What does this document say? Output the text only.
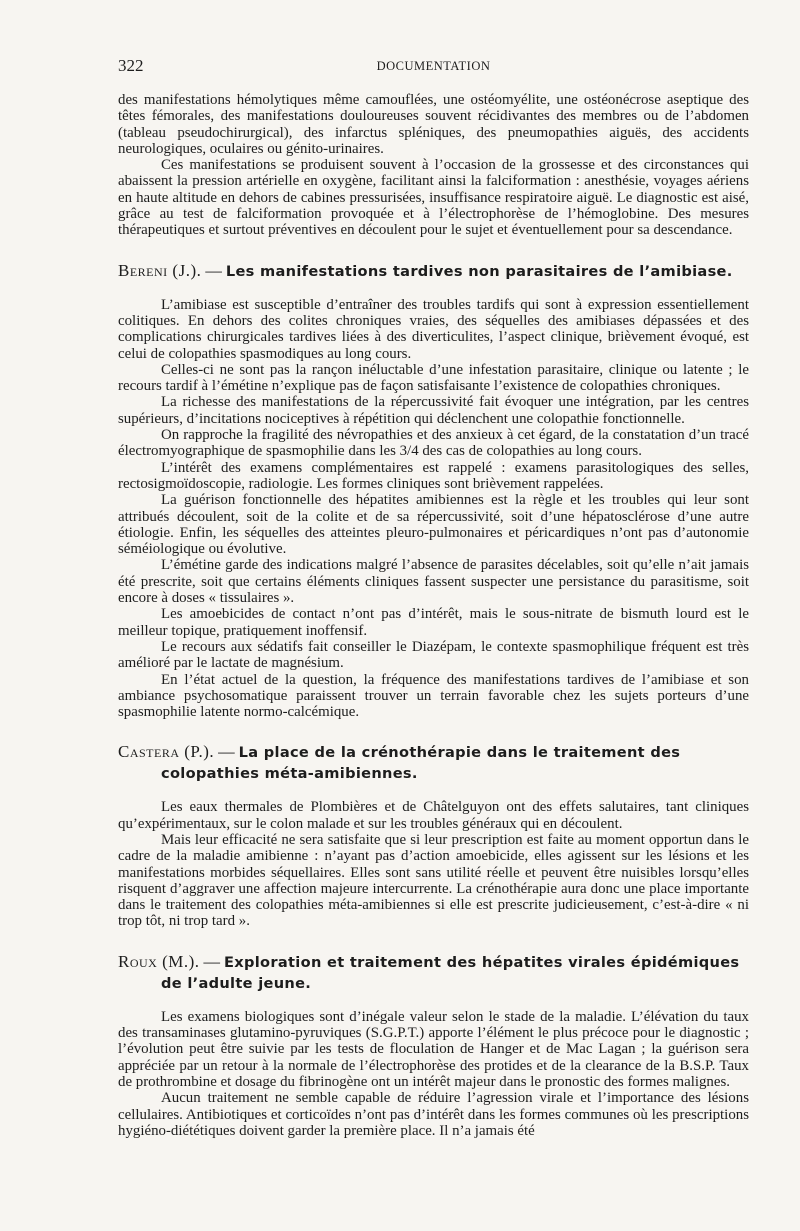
322	DOCUMENTATION

des manifestations hémolytiques même camouflées, une ostéomyélite, une ostéonécrose aseptique des têtes fémorales, des manifestations douloureuses souvent récidivantes des membres ou de l’abdomen (tableau pseudochirurgical), des infarctus spléniques, des pneumopathies aiguës, des accidents neurologiques, oculaires ou génito-urinaires.

Ces manifestations se produisent souvent à l’occasion de la grossesse et des circonstances qui abaissent la pression artérielle en oxygène, facilitant ainsi la falciformation : anesthésie, voyages aériens en haute altitude en dehors de cabines pressurisées, insuffisance respiratoire aiguë. Le diagnostic est aisé, grâce au test de falciformation provoquée et à l’électrophorèse de l’hémoglobine. Des mesures thérapeutiques et surtout préventives en découlent pour le sujet et éventuellement pour sa descendance.

Bereni (J.). — Les manifestations tardives non parasitaires de l’amibiase.

L’amibiase est susceptible d’entraîner des troubles tardifs qui sont à expression essentiellement colitiques. En dehors des colites chroniques vraies, des séquelles des amibiases dépassées et des complications chirurgicales tardives liées à des diverticulites, l’aspect clinique, brièvement évoqué, est celui de colopathies spasmodiques au long cours.

Celles-ci ne sont pas la rançon inéluctable d’une infestation parasitaire, clinique ou latente ; le recours tardif à l’émétine n’explique pas de façon satisfaisante l’existence de colopathies chroniques.

La richesse des manifestations de la répercussivité fait évoquer une intégration, par les centres supérieurs, d’incitations nociceptives à répétition qui déclenchent une colopathie fonctionnelle.

On rapproche la fragilité des névropathies et des anxieux à cet égard, de la constatation d’un tracé électromyographique de spasmophilie dans les 3/4 des cas de colopathies au long cours.

L’intérêt des examens complémentaires est rappelé : examens parasitologiques des selles, rectosigmoïdoscopie, radiologie. Les formes cliniques sont brièvement rappelées.

La guérison fonctionnelle des hépatites amibiennes est la règle et les troubles qui leur sont attribués découlent, soit de la colite et de sa répercussivité, soit d’une hépatosclérose d’une autre étiologie. Enfin, les séquelles des atteintes pleuro-pulmonaires et péricardiques n’ont pas d’autonomie séméiologique ou évolutive.

L’émétine garde des indications malgré l’absence de parasites décelables, soit qu’elle n’ait jamais été prescrite, soit que certains éléments cliniques fassent suspecter une persistance du parasitisme, soit encore à doses « tissulaires ».

Les amoebicides de contact n’ont pas d’intérêt, mais le sous-nitrate de bismuth lourd est le meilleur topique, pratiquement inoffensif.

Le recours aux sédatifs fait conseiller le Diazépam, le contexte spasmophilique fréquent est très amélioré par le lactate de magnésium.

En l’état actuel de la question, la fréquence des manifestations tardives de l’amibiase et son ambiance psychosomatique paraissent trouver un terrain favorable chez les sujets porteurs d’une spasmophilie latente normo-calcémique.

Castera (P.). — La place de la crénothérapie dans le traitement des colopathies méta-amibiennes.

Les eaux thermales de Plombières et de Châtelguyon ont des effets salutaires, tant cliniques qu’expérimentaux, sur le colon malade et sur les troubles généraux qui en découlent.

Mais leur efficacité ne sera satisfaite que si leur prescription est faite au moment opportun dans le cadre de la maladie amibienne : n’ayant pas d’action amoebicide, elles agissent sur les lésions et les manifestations morbides séquellaires. Elles sont sans utilité réelle et peuvent être nuisibles lorsqu’elles risquent d’aggraver une affection majeure intercurrente. La crénothérapie aura donc une place importante dans le traitement des colopathies méta-amibiennes si elle est prescrite judicieusement, c’est-à-dire « ni trop tôt, ni trop tard ».

Roux (M.). — Exploration et traitement des hépatites virales épidémiques de l’adulte jeune.

Les examens biologiques sont d’inégale valeur selon le stade de la maladie. L’élévation du taux des transaminases glutamino-pyruviques (S.G.P.T.) apporte l’élément le plus précoce pour le diagnostic ; l’évolution peut être suivie par les tests de floculation de Hanger et de Mac Lagan ; la guérison sera appréciée par un retour à la normale de l’électrophorèse des protides et de la clearance de la B.S.P. Taux de prothrombine et dosage du fibrinogène ont un intérêt majeur dans le pronostic des formes malignes.

Aucun traitement ne semble capable de réduire l’agression virale et l’importance des lésions cellulaires. Antibiotiques et corticoïdes n’ont pas d’intérêt dans les formes communes où les prescriptions hygiéno-diététiques doivent garder la première place. Il n’a jamais été
